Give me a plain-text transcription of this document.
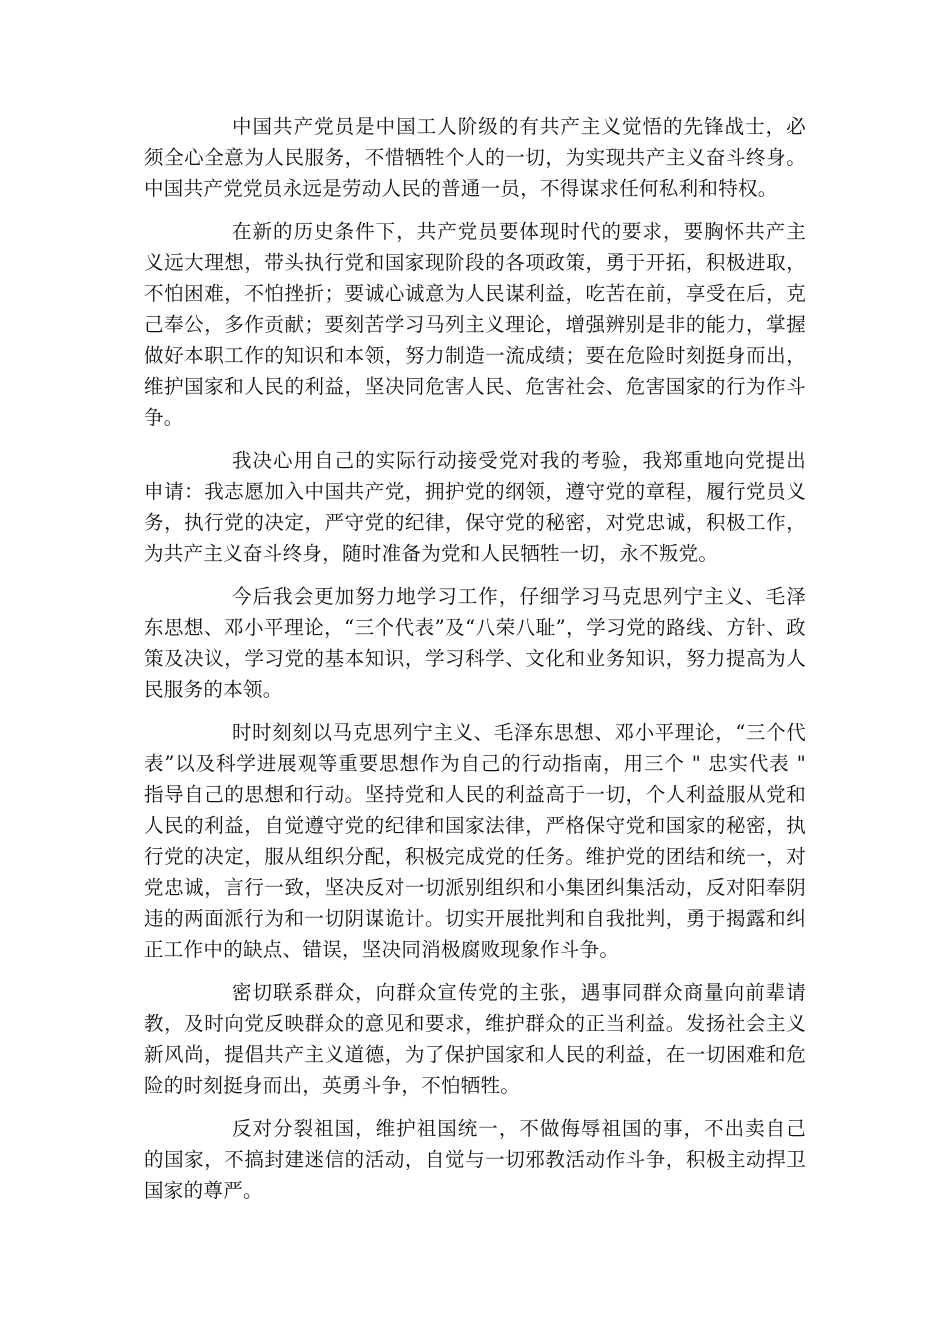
中国共产党员是中国工人阶级的有共产主义觉悟的先锋战士，必须全心全意为人民服务，不惜牺牲个人的一切，为实现共产主义奋斗终身。中国共产党党员永远是劳动人民的普通一员，不得谋求任何私利和特权。

在新的历史条件下，共产党员要体现时代的要求，要胸怀共产主义远大理想，带头执行党和国家现阶段的各项政策，勇于开拓，积极进取，不怕困难，不怕挫折；要诚心诚意为人民谋利益，吃苦在前，享受在后，克己奉公，多作贡献；要刻苦学习马列主义理论，增强辨别是非的能力，掌握做好本职工作的知识和本领，努力制造一流成绩；要在危险时刻挺身而出，维护国家和人民的利益，坚决同危害人民、危害社会、危害国家的行为作斗争。

我决心用自己的实际行动接受党对我的考验，我郑重地向党提出申请：我志愿加入中国共产党，拥护党的纲领，遵守党的章程，履行党员义务，执行党的决定，严守党的纪律，保守党的秘密，对党忠诚，积极工作，为共产主义奋斗终身，随时准备为党和人民牺牲一切，永不叛党。

今后我会更加努力地学习工作，仔细学习马克思列宁主义、毛泽东思想、邓小平理论，“三个代表”及“八荣八耻”，学习党的路线、方针、政策及决议，学习党的基本知识，学习科学、文化和业务知识，努力提高为人民服务的本领。

时时刻刻以马克思列宁主义、毛泽东思想、邓小平理论，“三个代表”以及科学进展观等重要思想作为自己的行动指南，用三个 " 忠实代表 " 指导自己的思想和行动。坚持党和人民的利益高于一切，个人利益服从党和人民的利益，自觉遵守党的纪律和国家法律，严格保守党和国家的秘密，执行党的决定，服从组织分配，积极完成党的任务。维护党的团结和统一，对党忠诚，言行一致，坚决反对一切派别组织和小集团纠集活动，反对阳奉阴违的两面派行为和一切阴谋诡计。切实开展批判和自我批判，勇于揭露和纠正工作中的缺点、错误，坚决同消极腐败现象作斗争。

密切联系群众，向群众宣传党的主张，遇事同群众商量向前辈请教，及时向党反映群众的意见和要求，维护群众的正当利益。发扬社会主义新风尚，提倡共产主义道德，为了保护国家和人民的利益，在一切困难和危险的时刻挺身而出，英勇斗争，不怕牺牲。

反对分裂祖国，维护祖国统一，不做侮辱祖国的事，不出卖自己的国家，不搞封建迷信的活动，自觉与一切邪教活动作斗争，积极主动捍卫国家的尊严。
